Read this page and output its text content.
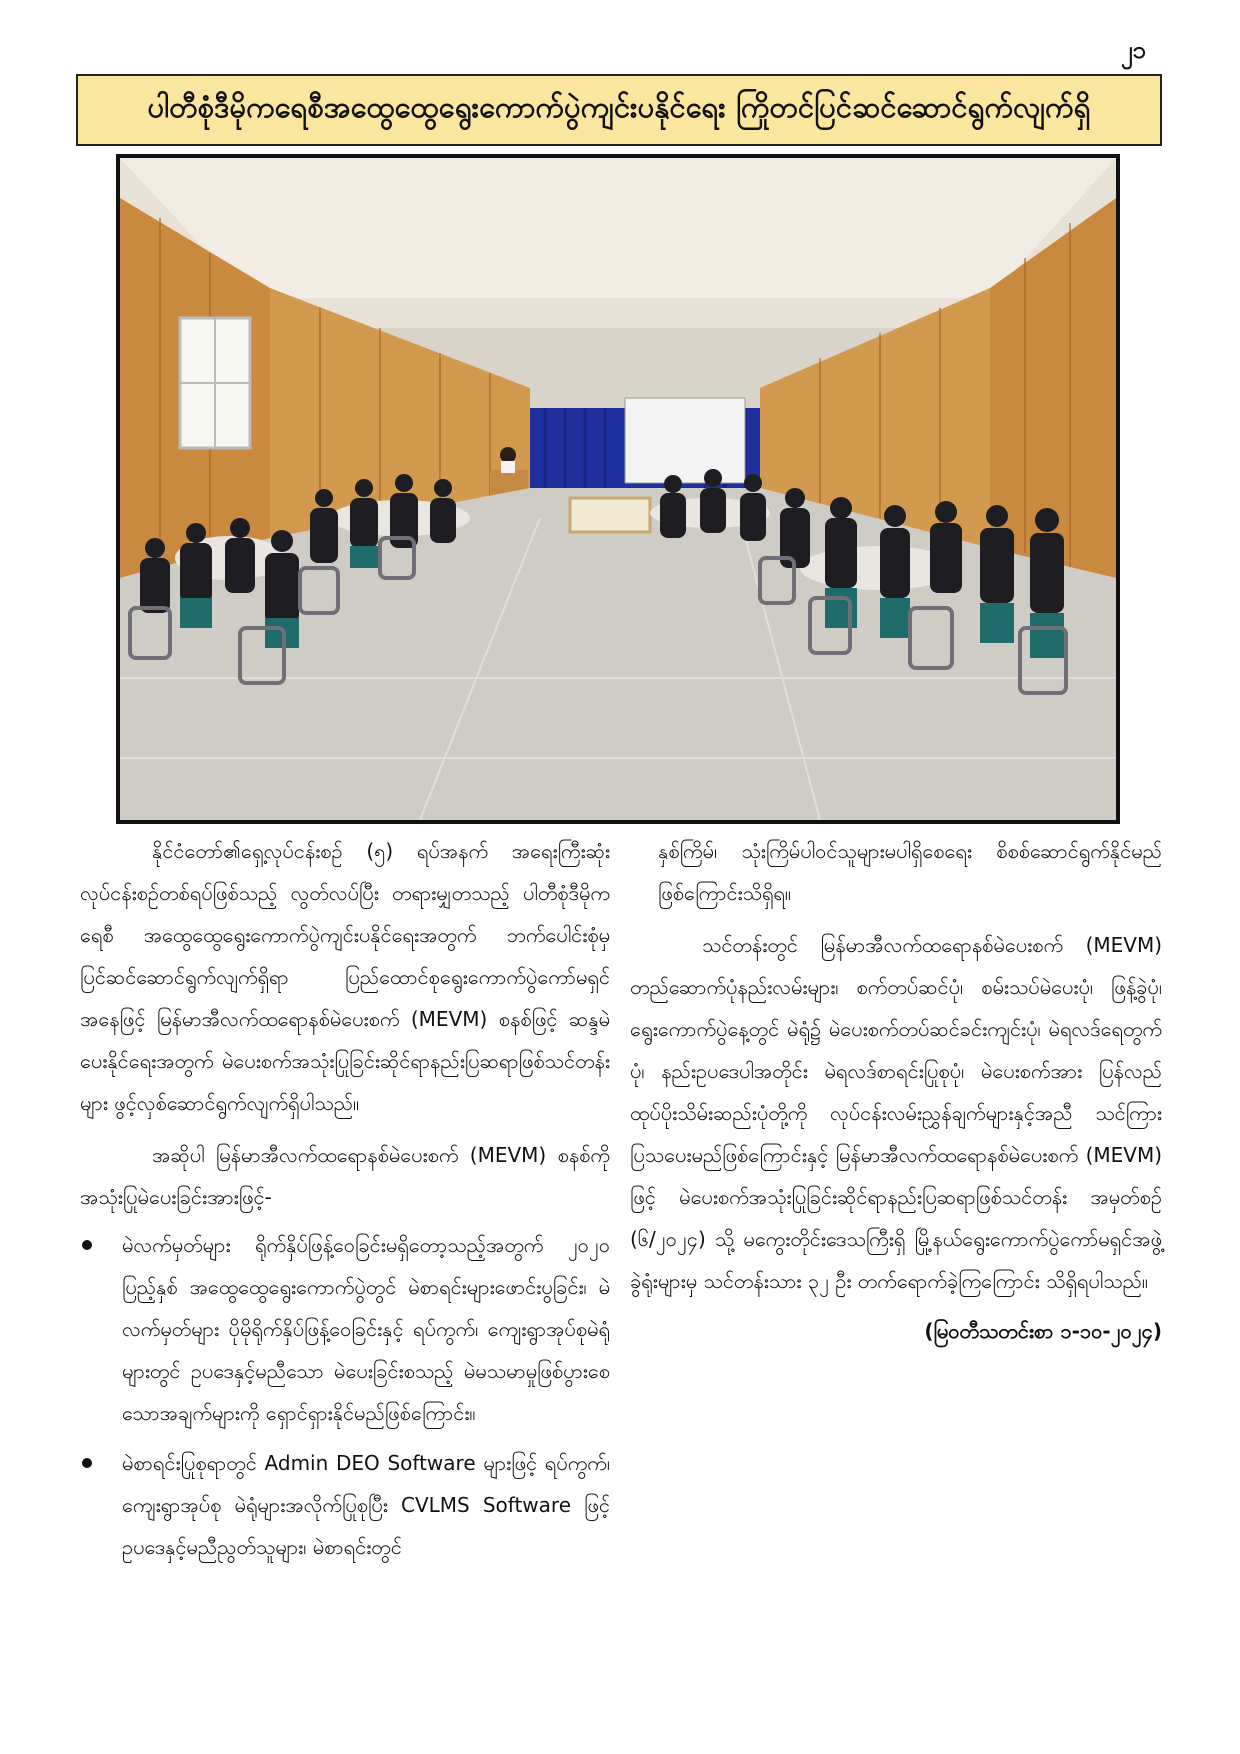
၂၁
ပါတီစုံဒီမိုကရေစီအထွေထွေရွေးကောက်ပွဲကျင်းပနိုင်ရေး ကြိုတင်ပြင်ဆင်ဆောင်ရွက်လျက်ရှိ

နိုင်ငံတော်၏ရှေ့လုပ်ငန်းစဉ် (၅) ရပ်အနက် အရေးကြီးဆုံးလုပ်ငန်းစဉ်တစ်ရပ်ဖြစ်သည့် လွတ်လပ်ပြီး တရားမျှတသည့် ပါတီစုံဒီမိုကရေစီ အထွေထွေရွေးကောက်ပွဲကျင်းပနိုင်ရေးအတွက် ဘက်ပေါင်းစုံမှ ပြင်ဆင်ဆောင်ရွက်လျက်ရှိရာ ပြည်ထောင်စုရွေးကောက်ပွဲကော်မရှင်အနေဖြင့် မြန်မာအီလက်ထရောနစ်မဲပေးစက် (MEVM) စနစ်ဖြင့် ဆန္ဒမဲပေးနိုင်ရေးအတွက် မဲပေးစက်အသုံးပြုခြင်းဆိုင်ရာနည်းပြဆရာဖြစ်သင်တန်းများ ဖွင့်လှစ်ဆောင်ရွက်လျက်ရှိပါသည်။

အဆိုပါ မြန်မာအီလက်ထရောနစ်မဲပေးစက် (MEVM) စနစ်ကိုအသုံးပြုမဲပေးခြင်းအားဖြင့်-

မဲလက်မှတ်များ ရိုက်နှိပ်ဖြန့်ဝေခြင်းမရှိတော့သည့်အတွက် ၂၀၂၀ ပြည့်နှစ် အထွေထွေရွေးကောက်ပွဲတွင် မဲစာရင်းများဖောင်းပွခြင်း၊ မဲလက်မှတ်များ ပိုမိုရိုက်နှိပ်ဖြန့်ဝေခြင်းနှင့် ရပ်ကွက်၊ ကျေးရွာအုပ်စုမဲရုံများတွင် ဥပဒေနှင့်မညီသော မဲပေးခြင်းစသည့် မဲမသမာမှုဖြစ်ပွားစေသောအချက်များကို ရှောင်ရှားနိုင်မည်ဖြစ်ကြောင်း။
မဲစာရင်းပြုစုရာတွင် Admin DEO Software များဖြင့် ရပ်ကွက်၊ ကျေးရွာအုပ်စု မဲရုံများအလိုက်ပြုစုပြီး CVLMS Software ဖြင့် ဥပဒေနှင့်မညီညွတ်သူများ၊ မဲစာရင်းတွင်

နှစ်ကြိမ်၊ သုံးကြိမ်ပါဝင်သူများမပါရှိစေရေး စိစစ်ဆောင်ရွက်နိုင်မည်ဖြစ်ကြောင်းသိရှိရ။

သင်တန်းတွင် မြန်မာအီလက်ထရောနစ်မဲပေးစက် (MEVM) တည်ဆောက်ပုံနည်းလမ်းများ၊ စက်တပ်ဆင်ပုံ၊ စမ်းသပ်မဲပေးပုံ၊ ဖြန့်ခွဲပုံ၊ ရွေးကောက်ပွဲနေ့တွင် မဲရုံ၌ မဲပေးစက်တပ်ဆင်ခင်းကျင်းပုံ၊ မဲရလဒ်ရေတွက်ပုံ၊ နည်းဥပဒေပါအတိုင်း မဲရလဒ်စာရင်းပြုစုပုံ၊ မဲပေးစက်အား ပြန်လည်ထုပ်ပိုးသိမ်းဆည်းပုံတို့ကို လုပ်ငန်းလမ်းညွှန်ချက်များနှင့်အညီ သင်ကြားပြသပေးမည်ဖြစ်ကြောင်းနှင့် မြန်မာအီလက်ထရောနစ်မဲပေးစက် (MEVM) ဖြင့် မဲပေးစက်အသုံးပြုခြင်းဆိုင်ရာနည်းပြဆရာဖြစ်သင်တန်း အမှတ်စဉ် (၆/၂၀၂၄) သို့ မကွေးတိုင်းဒေသကြီးရှိ မြို့နယ်ရွေးကောက်ပွဲကော်မရှင်အဖွဲ့ခွဲရုံးများမှ သင်တန်းသား ၃၂ ဦး တက်ရောက်ခဲ့ကြကြောင်း သိရှိရပါသည်။

(မြဝတီသတင်းစာ ၁-၁၀-၂၀၂၄)
